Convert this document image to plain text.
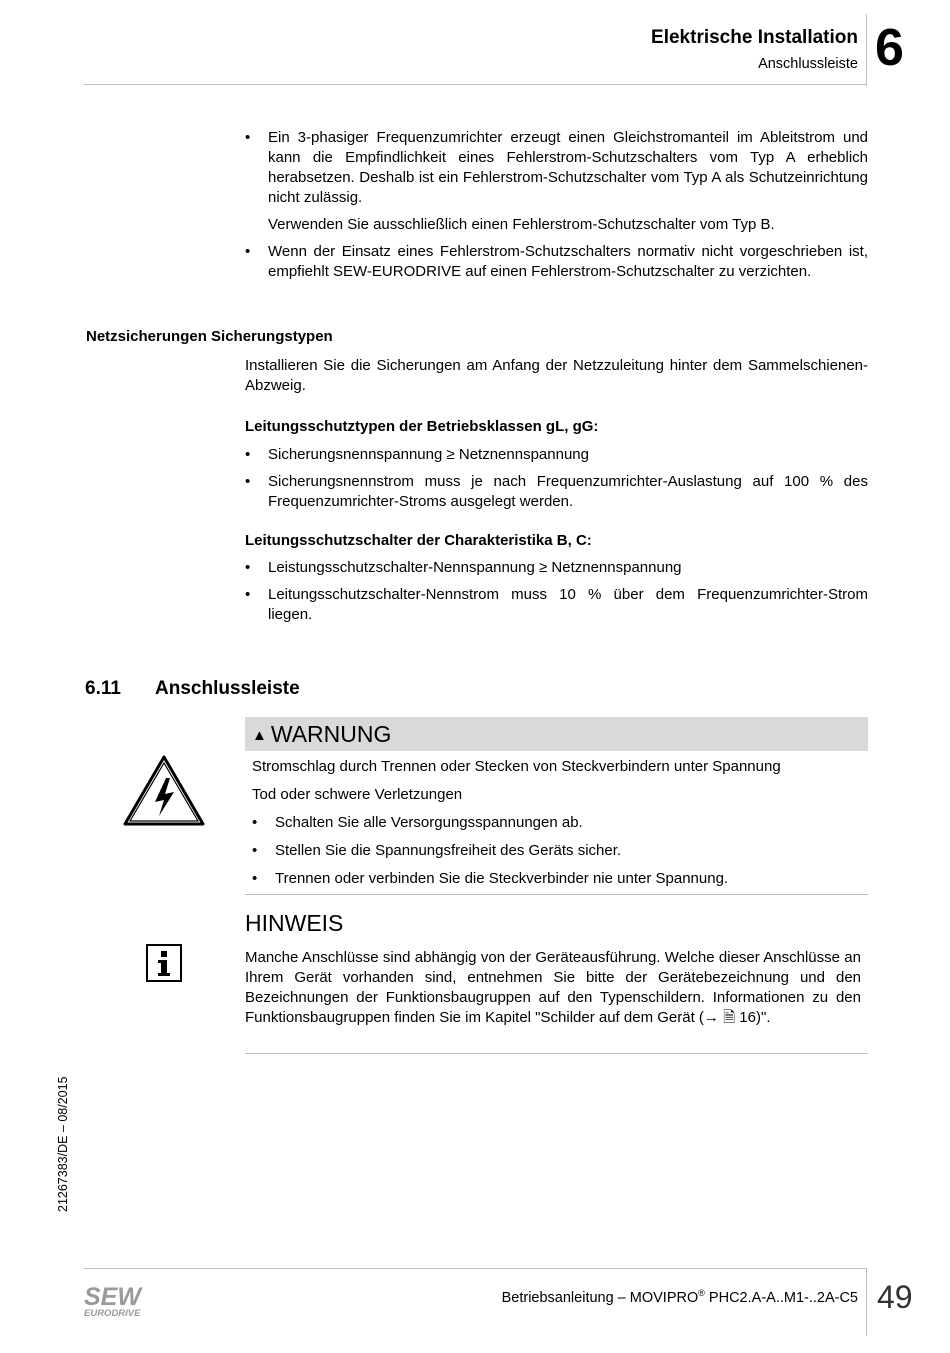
Elektrische Installation
Anschlussleiste 6
• Ein 3-phasiger Frequenzumrichter erzeugt einen Gleichstromanteil im Ableitstrom und kann die Empfindlichkeit eines Fehlerstrom-Schutzschalters vom Typ A erheblich herabsetzen. Deshalb ist ein Fehlerstrom-Schutzschalter vom Typ A als Schutzeinrichtung nicht zulässig.
Verwenden Sie ausschließlich einen Fehlerstrom-Schutzschalter vom Typ B.
• Wenn der Einsatz eines Fehlerstrom-Schutzschalters normativ nicht vorgeschrieben ist, empfiehlt SEW-EURODRIVE auf einen Fehlerstrom-Schutzschalter zu verzichten.
Netzsicherungen Sicherungstypen
Installieren Sie die Sicherungen am Anfang der Netzzuleitung hinter dem Sammelschienen-Abzweig.
Leitungsschutztypen der Betriebsklassen gL, gG:
• Sicherungsnennspannung ≥ Netznennspannung
• Sicherungsnennstrom muss je nach Frequenzumrichter-Auslastung auf 100 % des Frequenzumrichter-Stroms ausgelegt werden.
Leitungsschutzschalter der Charakteristika B, C:
• Leistungsschutzschalter-Nennspannung ≥ Netznennspannung
• Leitungsschutzschalter-Nennstrom muss 10 % über dem Frequenzumrichter-Strom liegen.
6.11 Anschlussleiste
▲ WARNUNG
Stromschlag durch Trennen oder Stecken von Steckverbindern unter Spannung
Tod oder schwere Verletzungen
• Schalten Sie alle Versorgungsspannungen ab.
• Stellen Sie die Spannungsfreiheit des Geräts sicher.
• Trennen oder verbinden Sie die Steckverbinder nie unter Spannung.
HINWEIS
Manche Anschlüsse sind abhängig von der Geräteausführung. Welche dieser Anschlüsse an Ihrem Gerät vorhanden sind, entnehmen Sie bitte der Gerätebezeichnung und den Bezeichnungen der Funktionsbaugruppen auf den Typenschildern. Informationen zu den Funktionsbaugruppen finden Sie im Kapitel "Schilder auf dem Gerät (→ 🗎 16)".
21267383/DE – 08/2015
SEW
EURODRIVE
Betriebsanleitung – MOVIPRO® PHC2.A-A..M1-..2A-C5 49
